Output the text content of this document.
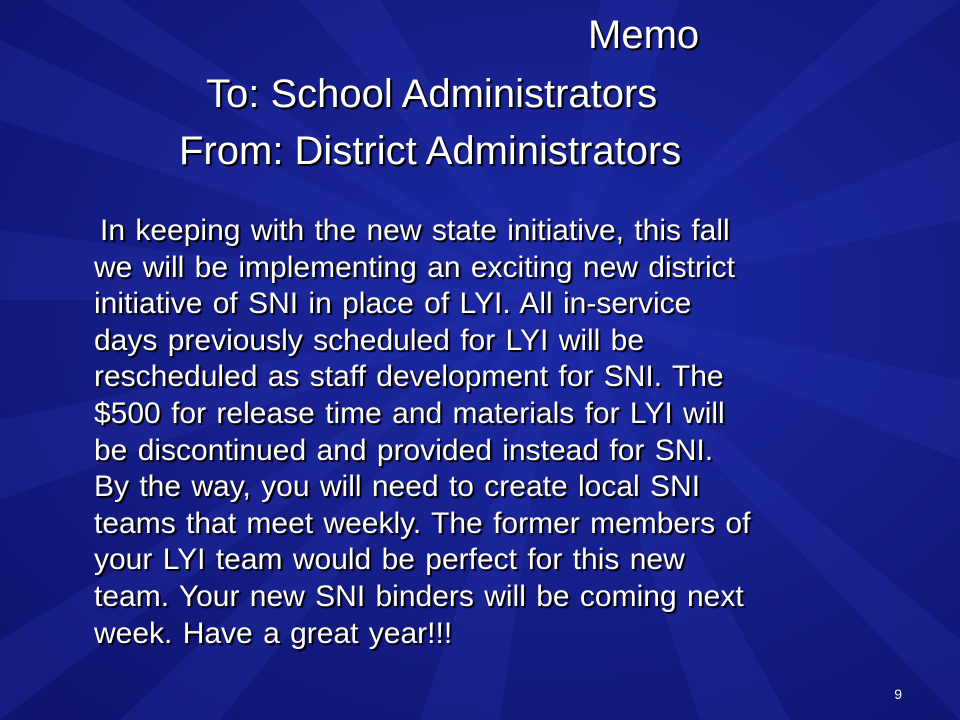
Memo
To: School Administrators
From: District Administrators
In keeping with the new state initiative, this fall
we will be implementing an exciting new district
initiative of SNI in place of LYI. All in-service
days previously scheduled for LYI will be
rescheduled as staff development for SNI. The
$500 for release time and materials for LYI will
be discontinued and provided instead for SNI.
By the way, you will need to create local SNI
teams that meet weekly. The former members of
your LYI team would be perfect for this new
team. Your new SNI binders will be coming next
week. Have a great year!!!
9
